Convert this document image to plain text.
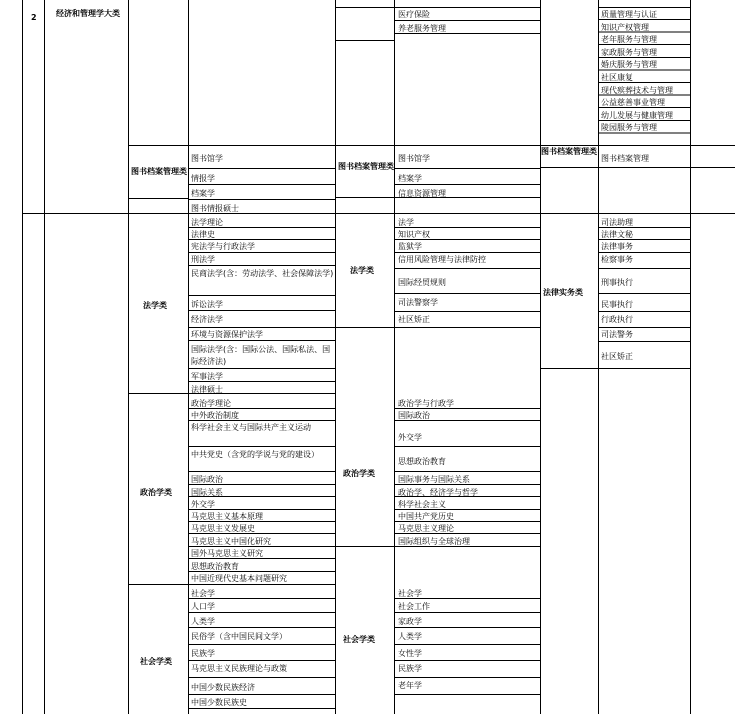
2	经济和管理学大类	医疗保险
养老服务管理
质量管理与认证
知识产权管理
老年服务与管理
家政服务与管理
婚庆服务与管理
社区康复
现代殡葬技术与管理
公益慈善事业管理
幼儿发展与健康管理
陵园服务与管理
图书档案管理类
图书馆学
情报学
档案学
图书情报硕士
图书档案管理类
图书馆学
档案学
信息资源管理
图书档案管理类
图书档案管理
法学类
法学理论
法律史
宪法学与行政法学
刑法学
民商法学(含：劳动法学、社会保障法学)
诉讼法学
经济法学
环境与资源保护法学
国际法学(含：国际公法、国际私法、国际经济法)
军事法学
法律硕士
法学类
法学
知识产权
监狱学
信用风险管理与法律防控
国际经贸规则
司法警察学
社区矫正
法律实务类
司法助理
法律文秘
法律事务
检察事务
刑事执行
民事执行
行政执行
司法警务
社区矫正
政治学类
政治学理论
中外政治制度
科学社会主义与国际共产主义运动
中共党史（含党的学说与党的建设）
国际政治
国际关系
外交学
马克思主义基本原理
马克思主义发展史
马克思主义中国化研究
国外马克思主义研究
思想政治教育
中国近现代史基本问题研究
政治学类
政治学与行政学
国际政治
外交学
思想政治教育
国际事务与国际关系
政治学、经济学与哲学
科学社会主义
中国共产党历史
马克思主义理论
国际组织与全球治理
社会学类
社会学
人口学
人类学
民俗学（含中国民间文学）
民族学
马克思主义民族理论与政策
中国少数民族经济
中国少数民族史
社会学类
社会学
社会工作
家政学
人类学
女性学
民族学
老年学
